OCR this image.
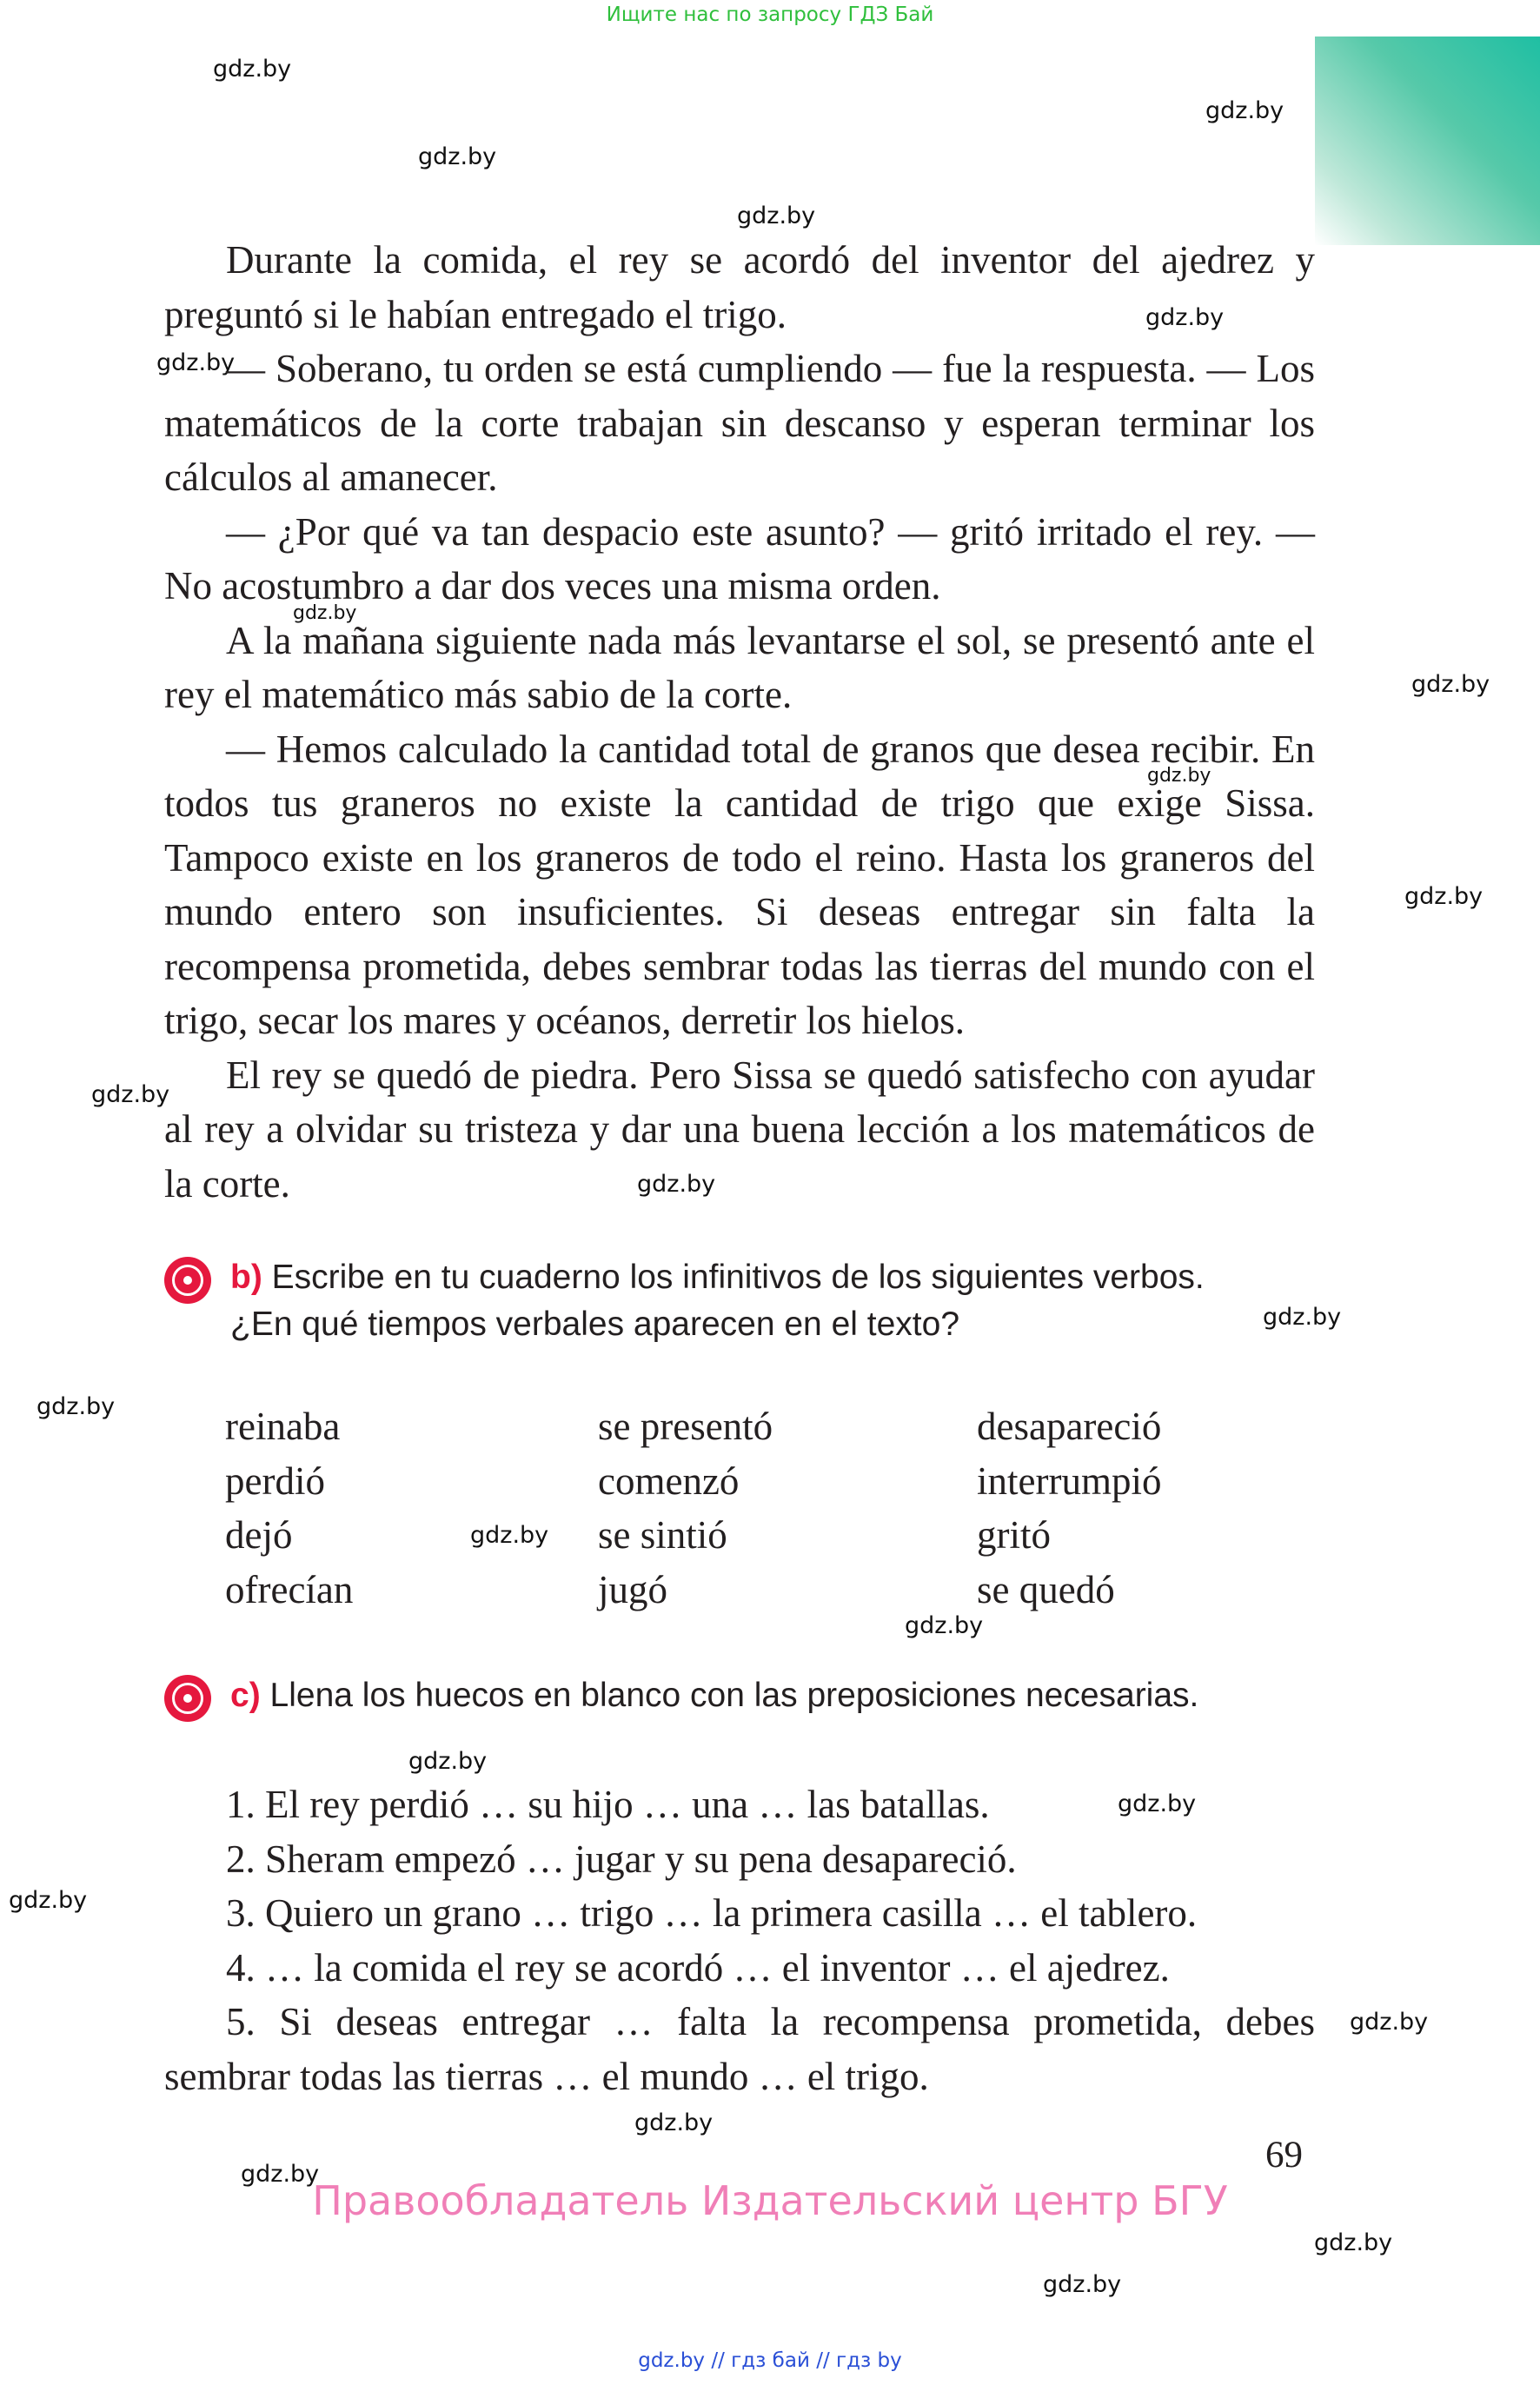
Ищите нас по запросу ГДЗ Бай
gdz.by
gdz.by
gdz.by
gdz.by
gdz.by
gdz.by
gdz.by
gdz.by
gdz.by
gdz.by
gdz.by
gdz.by
gdz.by
gdz.by
gdz.by
gdz.by
gdz.by
gdz.by
gdz.by
gdz.by
gdz.by
gdz.by
gdz.by
gdz.by

Durante la comida, el rey se acordó del inventor del ajedrez y preguntó si le habían entregado el trigo.

— Soberano, tu orden se está cumpliendo — fue la respuesta. — Los matemáticos de la corte trabajan sin descanso y esperan terminar los cálculos al amanecer.

— ¿Por qué va tan despacio este asunto? — gritó irritado el rey. — No acostumbro a dar dos veces una misma orden.

A la mañana siguiente nada más levantarse el sol, se presentó ante el rey el matemático más sabio de la corte.

— Hemos calculado la cantidad total de granos que desea recibir. En todos tus graneros no existe la cantidad de trigo que exige Sissa. Tampoco existe en los graneros de todo el reino. Hasta los graneros del mundo entero son insuficientes. Si deseas entregar sin falta la recompensa prometida, debes sembrar todas las tierras del mundo con el trigo, secar los mares y océanos, derretir los hielos.

El rey se quedó de piedra. Pero Sissa se quedó satisfecho con ayudar al rey a olvidar su tristeza y dar una buena lección a los matemáticos de la corte.

b) Escribe en tu cuaderno los infinitivos de los siguientes verbos.
¿En qué tiempos verbales aparecen en el texto?
reinaba
perdió
dejó
ofrecían
se presentó
comenzó
se sintió
jugó
desapareció
interrumpió
gritó
se quedó
c) Llena los huecos en blanco con las preposiciones necesarias.

1. El rey perdió … su hijo … una … las batallas.

2. Sheram empezó … jugar y su pena desapareció.

3. Quiero un grano … trigo … la primera casilla … el tablero.

4. … la comida el rey se acordó … el inventor … el ajedrez.

5. Si deseas entregar … falta la recompensa prometida, debes sembrar todas las tierras … el mundo … el trigo.

69
Правообладатель Издательский центр БГУ
gdz.by // гдз бай // гдз by
